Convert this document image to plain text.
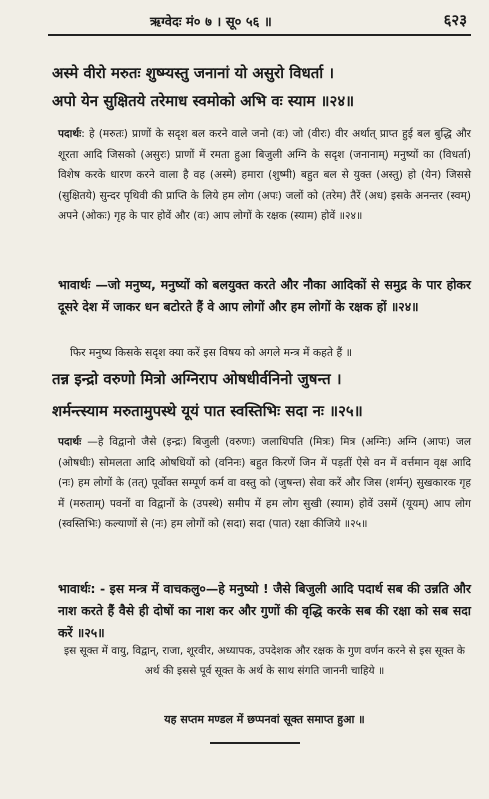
ऋग्वेदः मं० ७ । सू० ५६ ॥	६२३
अस्मे वीरो मरुतः शुष्म्यस्तु जनानां यो असुरो विधर्ता ।
अपो येन सुक्षितये तरेमाध स्वमोको अभि वः स्याम ॥२४॥
पदार्थः: हे (मरुतः) प्राणों के सदृश बल करने वाले जनो (वः) जो (वीरः) वीर अर्थात् प्राप्त हुई बल बुद्धि और शूरता आदि जिसको (असुरः) प्राणों में रमता हुआ बिजुली अग्नि के सदृश (जनानाम्) मनुष्यों का (विधर्ता) विशेष करके धारण करने वाला है वह (अस्मे) हमारा (शुष्मी) बहुत बल से युक्त (अस्तु) हो (येन) जिससे (सुक्षितये) सुन्दर पृथिवी की प्राप्ति के लिये हम लोग (अपः) जलों को (तरेम) तैरें (अध) इसके अनन्तर (स्वम्) अपने (ओकः) गृह के पार होवें और (वः) आप लोगों के रक्षक (स्याम) होवें ॥२४॥
भावार्थः —जो मनुष्य, मनुष्यों को बलयुक्त करते और नौका आदिकों से समुद्र के पार होकर दूसरे देश में जाकर धन बटोरते हैं वे आप लोगों और हम लोगों के रक्षक हों ॥२४॥
फिर मनुष्य किसके सदृश क्या करें इस विषय को अगले मन्त्र में कहते हैं ॥
तन्न इन्द्रो वरुणो मित्रो अग्निराप ओषधीर्वनिनो जुषन्त ।
शर्मन्त्स्याम मरुतामुपस्थे यूयं पात स्वस्तिभिः सदा नः ॥२५॥
पदार्थः —हे विद्वानो जैसे (इन्द्रः) बिजुली (वरुणः) जलाधिपति (मित्रः) मित्र (अग्निः) अग्नि (आपः) जल (ओषधीः) सोमलता आदि ओषधियों को (वनिनः) बहुत किरणें जिन में पड़तीं ऐसे वन में वर्त्तमान वृक्ष आदि (नः) हम लोगों के (तत्) पूर्वोक्त सम्पूर्ण कर्म वा वस्तु को (जुषन्त) सेवा करें और जिस (शर्मन्) सुखकारक गृह में (मरुताम्) पवनों वा विद्वानों के (उपस्थे) समीप में हम लोग सुखी (स्याम) होवें उसमें (यूयम्) आप लोग (स्वस्तिभिः) कल्याणों से (नः) हम लोगों को (सदा) सदा (पात) रक्षा कीजिये ॥२५॥
भावार्थः: - इस मन्त्र में वाचकलु०—हे मनुष्यो ! जैसे बिजुली आदि पदार्थ सब की उन्नति और नाश करते हैं वैसे ही दोषों का नाश कर और गुणों की वृद्धि करके सब की रक्षा को सब सदा करें ॥२५॥
इस सूक्त में वायु, विद्वान्, राजा, शूरवीर, अध्यापक, उपदेशक और रक्षक के गुण वर्णन करने से इस सूक्त के अर्थ की इससे पूर्व सूक्त के अर्थ के साथ संगति जाननी चाहिये ॥
यह सप्तम मण्डल में छप्पनवां सूक्त समाप्त हुआ ॥
